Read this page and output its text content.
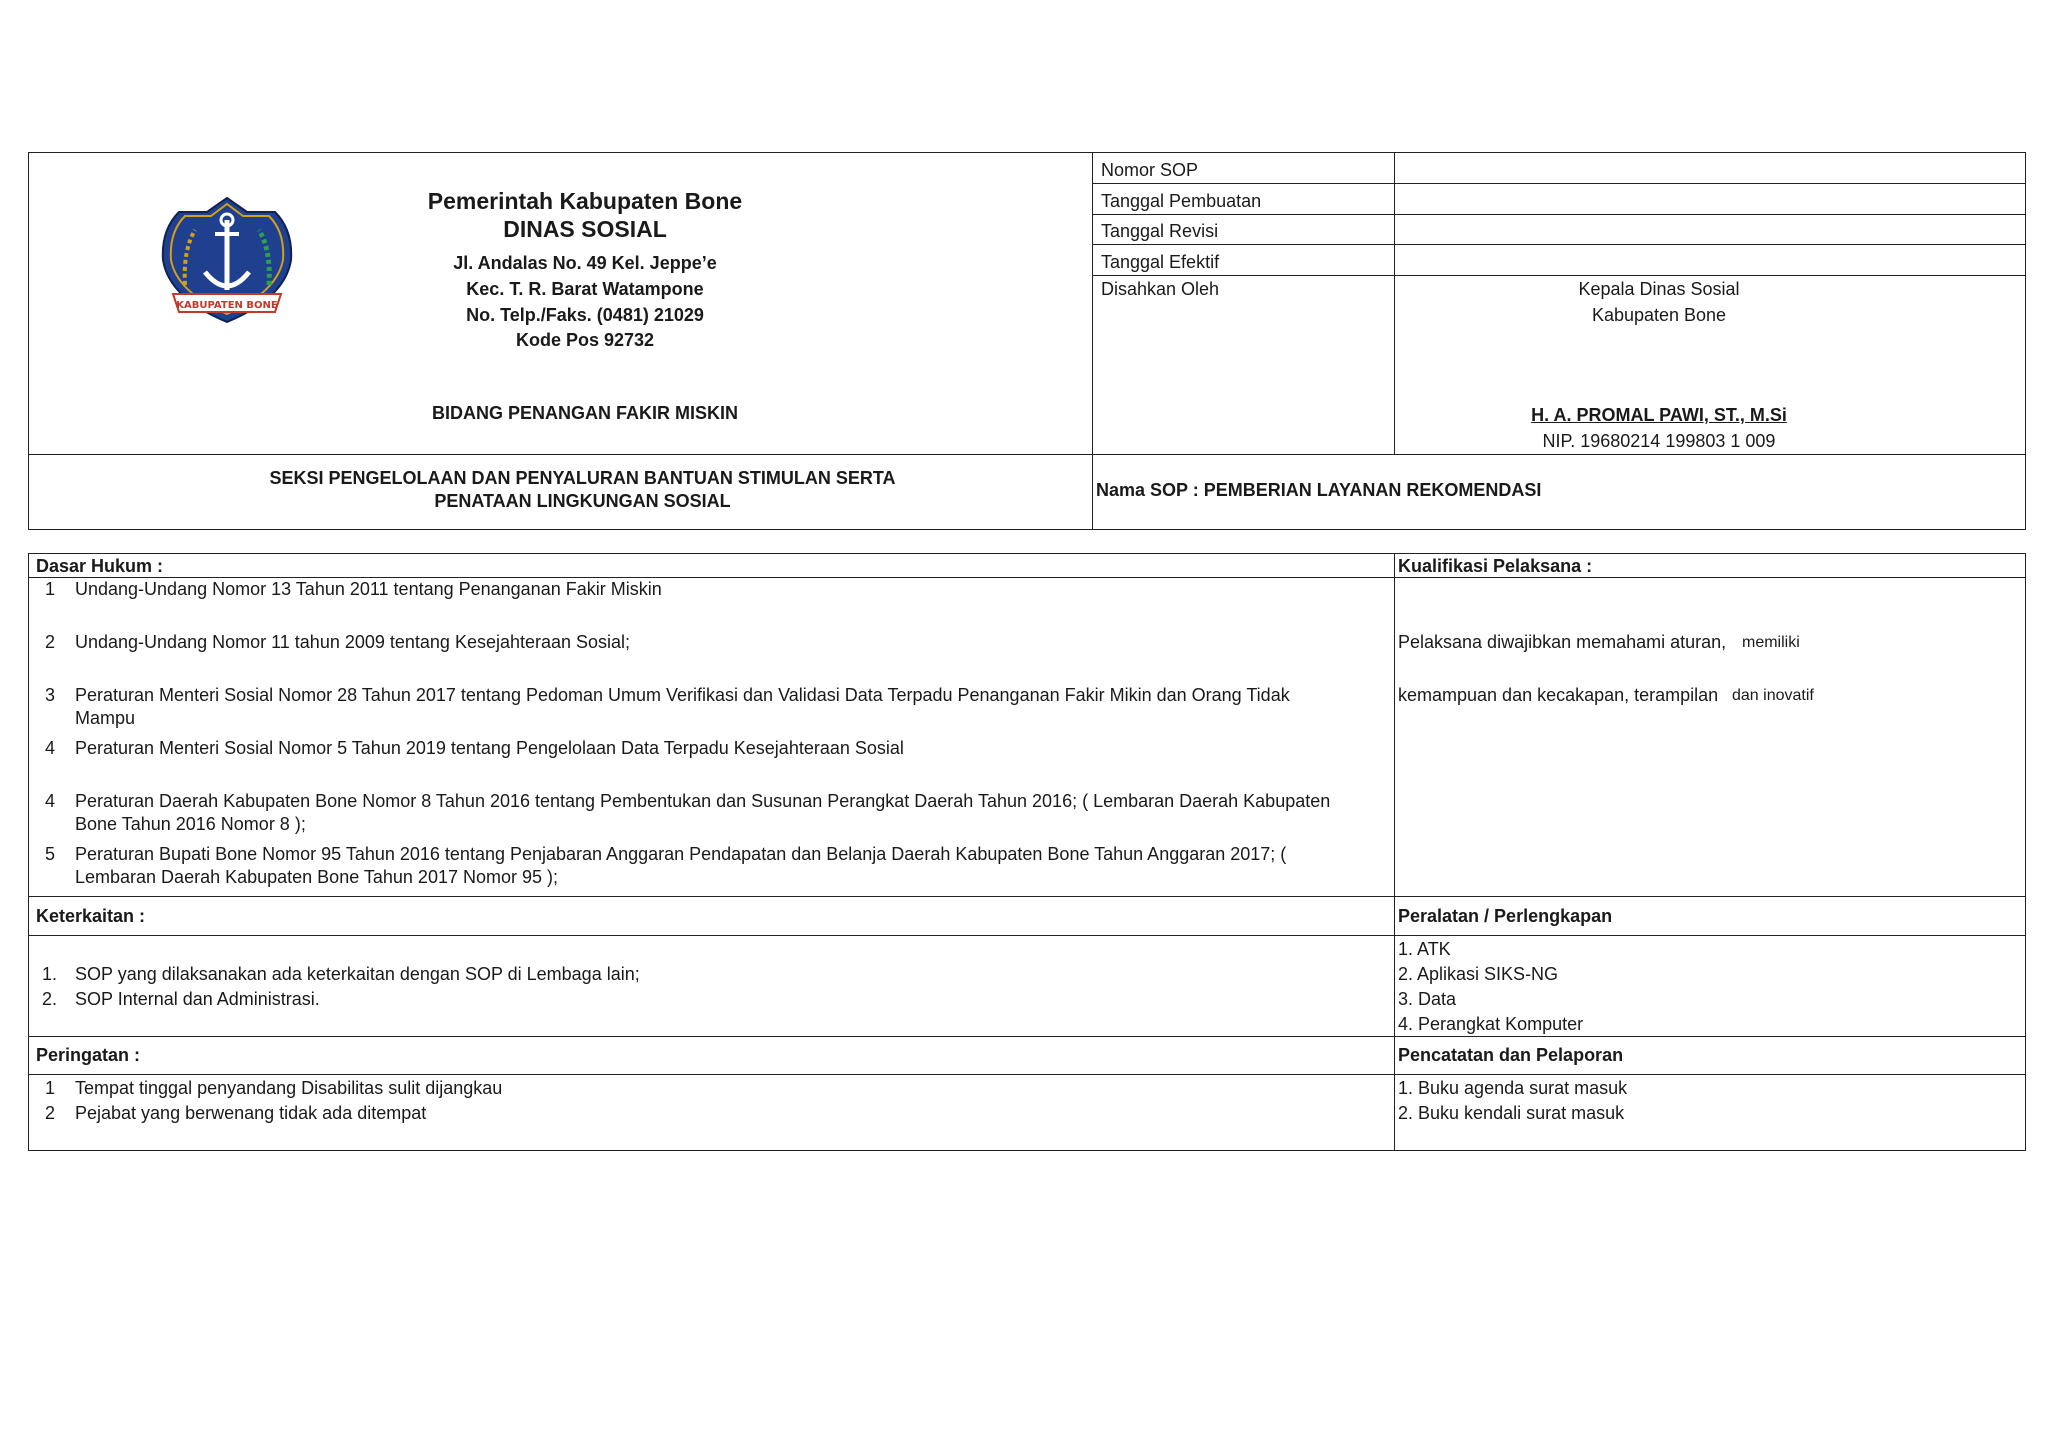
KABUPATEN BONE
Pemerintah Kabupaten Bone
DINAS SOSIAL
Jl. Andalas No. 49 Kel. Jeppe’e
Kec. T. R. Barat Watampone
No. Telp./Faks. (0481) 21029
Kode Pos 92732
BIDANG PENANGAN FAKIR MISKIN
SEKSI PENGELOLAAN DAN PENYALURAN BANTUAN STIMULAN SERTA
PENATAAN LINGKUNGAN SOSIAL
Nomor SOP
Tanggal Pembuatan
Tanggal Revisi
Tanggal Efektif
Disahkan Oleh	Kepala Dinas Sosial
Kabupaten Bone
H. A. PROMAL PAWI, ST., M.Si
NIP. 19680214 199803 1 009
Nama SOP : PEMBERIAN LAYANAN REKOMENDASI
Dasar Hukum :
1 Undang-Undang Nomor 13 Tahun 2011 tentang Penanganan Fakir Miskin
2 Undang-Undang Nomor 11 tahun 2009 tentang Kesejahteraan Sosial;
3 Peraturan Menteri Sosial Nomor 28 Tahun 2017 tentang Pedoman Umum Verifikasi dan Validasi Data Terpadu Penanganan Fakir Mikin dan Orang Tidak
Mampu
4 Peraturan Menteri Sosial Nomor 5 Tahun 2019 tentang Pengelolaan Data Terpadu Kesejahteraan Sosial
4 Peraturan Daerah Kabupaten Bone Nomor 8 Tahun 2016 tentang Pembentukan dan Susunan Perangkat Daerah Tahun 2016; ( Lembaran Daerah Kabupaten
Bone Tahun 2016 Nomor 8 );
5 Peraturan Bupati Bone Nomor 95 Tahun 2016 tentang Penjabaran Anggaran Pendapatan dan Belanja Daerah Kabupaten Bone Tahun Anggaran 2017; (
Lembaran Daerah Kabupaten Bone Tahun 2017 Nomor 95 );
Kualifikasi Pelaksana :
Pelaksana diwajibkan memahami aturan, memiliki
kemampuan dan kecakapan, terampilan dan inovatif
Keterkaitan :
1. SOP yang dilaksanakan ada keterkaitan dengan SOP di Lembaga lain;
2. SOP Internal dan Administrasi.
Peralatan / Perlengkapan
1. ATK
2. Aplikasi SIKS-NG
3. Data
4. Perangkat Komputer
Peringatan :
1 Tempat tinggal penyandang Disabilitas sulit dijangkau
2 Pejabat yang berwenang tidak ada ditempat
Pencatatan dan Pelaporan
1. Buku agenda surat masuk
2. Buku kendali surat masuk
